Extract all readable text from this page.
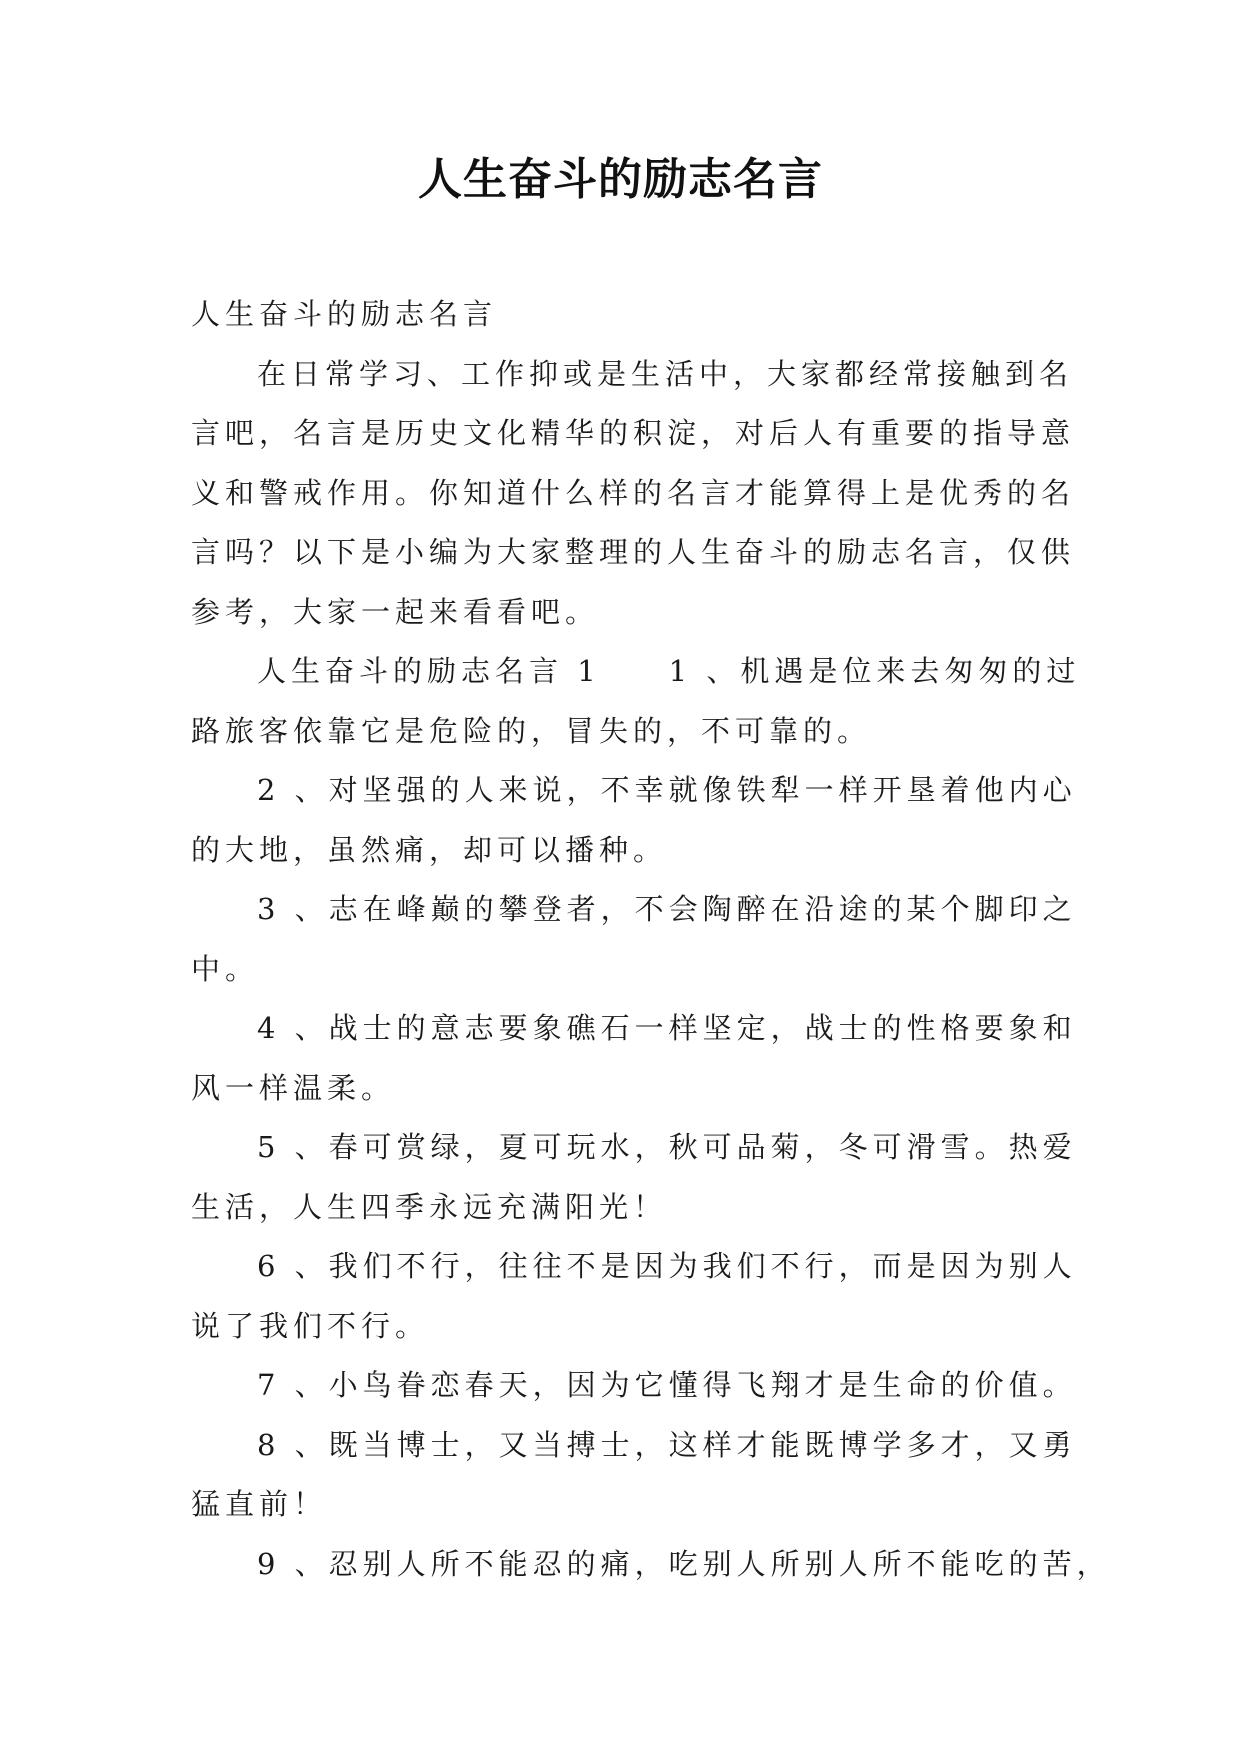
人生奋斗的励志名言
人生奋斗的励志名言
在日常学习、工作抑或是生活中，大家都经常接触到名
言吧，名言是历史文化精华的积淀，对后人有重要的指导意
义和警戒作用。你知道什么样的名言才能算得上是优秀的名
言吗？以下是小编为大家整理的人生奋斗的励志名言，仅供
参考，大家一起来看看吧。
人生奋斗的励志名言 1　　1 、机遇是位来去匆匆的过
路旅客依靠它是危险的，冒失的，不可靠的。
2 、对坚强的人来说，不幸就像铁犁一样开垦着他内心
的大地，虽然痛，却可以播种。
3 、志在峰巅的攀登者，不会陶醉在沿途的某个脚印之
中。
4 、战士的意志要象礁石一样坚定，战士的性格要象和
风一样温柔。
5 、春可赏绿，夏可玩水，秋可品菊，冬可滑雪。热爱
生活，人生四季永远充满阳光！
6 、我们不行，往往不是因为我们不行，而是因为别人
说了我们不行。
7 、小鸟眷恋春天，因为它懂得飞翔才是生命的价值。
8 、既当博士，又当搏士，这样才能既博学多才，又勇
猛直前！
9 、忍别人所不能忍的痛，吃别人所别人所不能吃的苦，
